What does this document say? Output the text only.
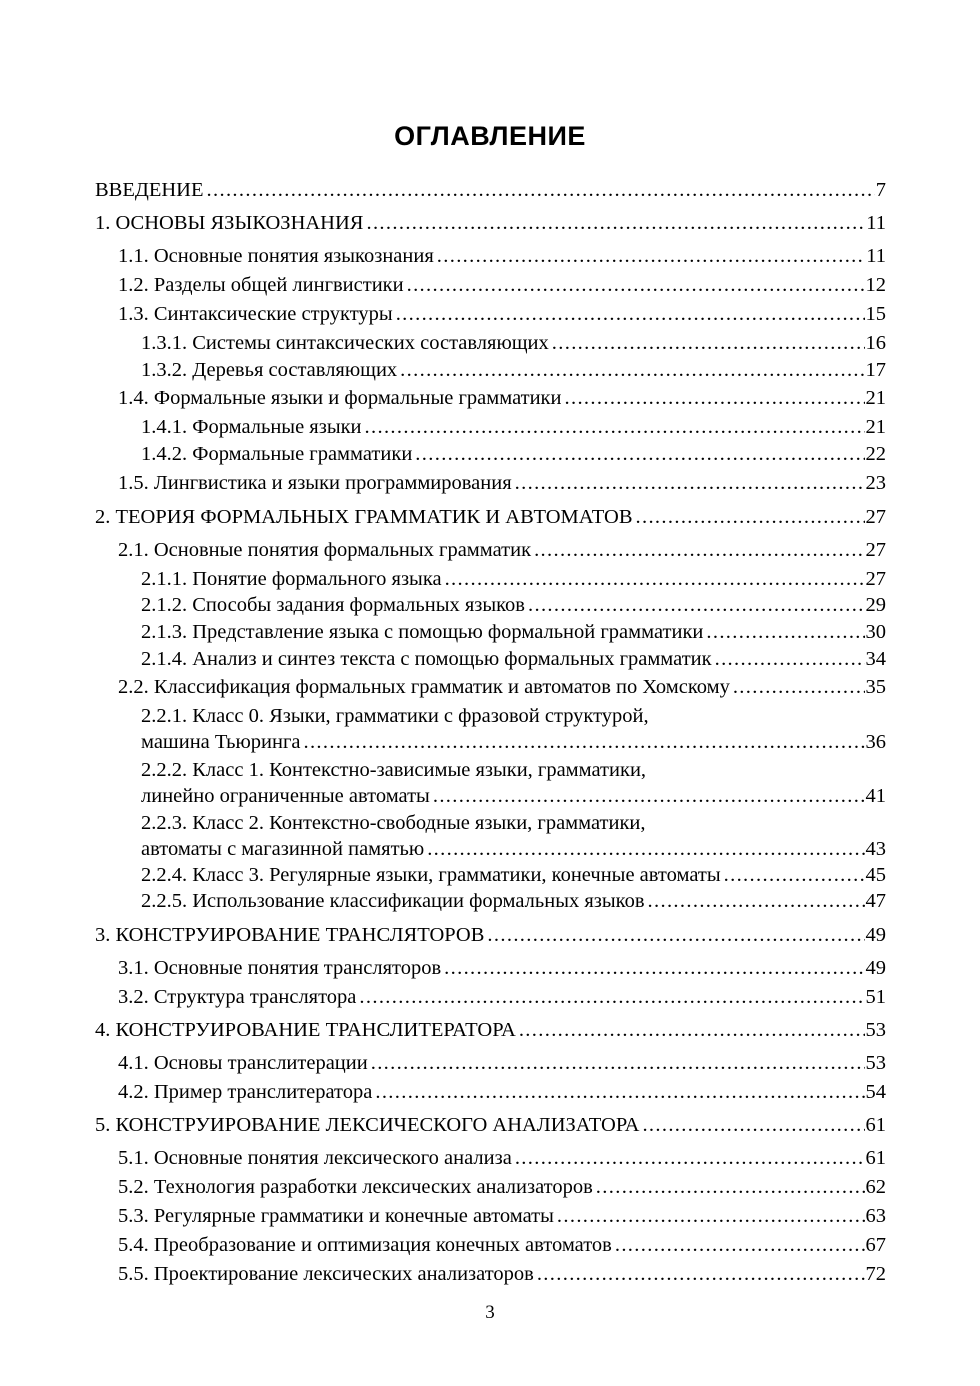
ОГЛАВЛЕНИЕ
ВВЕДЕНИЕ .....	7
1. ОСНОВЫ ЯЗЫКОЗНАНИЯ .....	11
1.1. Основные понятия языкознания .....	11
1.2. Разделы общей лингвистики .....	12
1.3. Синтаксические структуры .....	15
1.3.1. Системы синтаксических составляющих .....	16
1.3.2. Деревья составляющих .....	17
1.4. Формальные языки и формальные грамматики .....	21
1.4.1. Формальные языки .....	21
1.4.2. Формальные грамматики .....	22
1.5. Лингвистика и языки программирования .....	23
2. ТЕОРИЯ ФОРМАЛЬНЫХ ГРАММАТИК И АВТОМАТОВ .....	27
2.1. Основные понятия формальных грамматик .....	27
2.1.1. Понятие формального языка .....	27
2.1.2. Способы задания формальных языков .....	29
2.1.3. Представление языка с помощью формальной грамматики .....	30
2.1.4. Анализ и синтез текста с помощью формальных грамматик .....	34
2.2. Классификация формальных грамматик и автоматов по Хомскому .....	35
2.2.1. Класс 0. Языки, грамматики с фразовой структурой,
машина Тьюринга .....	36
2.2.2. Класс 1. Контекстно-зависимые языки, грамматики,
линейно ограниченные автоматы .....	41
2.2.3. Класс 2. Контекстно-свободные языки, грамматики,
автоматы с магазинной памятью .....	43
2.2.4. Класс 3. Регулярные языки, грамматики, конечные автоматы .....	45
2.2.5. Использование классификации формальных языков .....	47
3. КОНСТРУИРОВАНИЕ ТРАНСЛЯТОРОВ .....	49
3.1. Основные понятия трансляторов .....	49
3.2. Структура транслятора .....	51
4. КОНСТРУИРОВАНИЕ ТРАНСЛИТЕРАТОРА .....	53
4.1. Основы транслитерации .....	53
4.2. Пример транслитератора .....	54
5. КОНСТРУИРОВАНИЕ ЛЕКСИЧЕСКОГО АНАЛИЗАТОРА .....	61
5.1. Основные понятия лексического анализа .....	61
5.2. Технология разработки лексических анализаторов .....	62
5.3. Регулярные грамматики и конечные автоматы .....	63
5.4. Преобразование и оптимизация конечных автоматов .....	67
5.5. Проектирование лексических анализаторов .....	72
3
